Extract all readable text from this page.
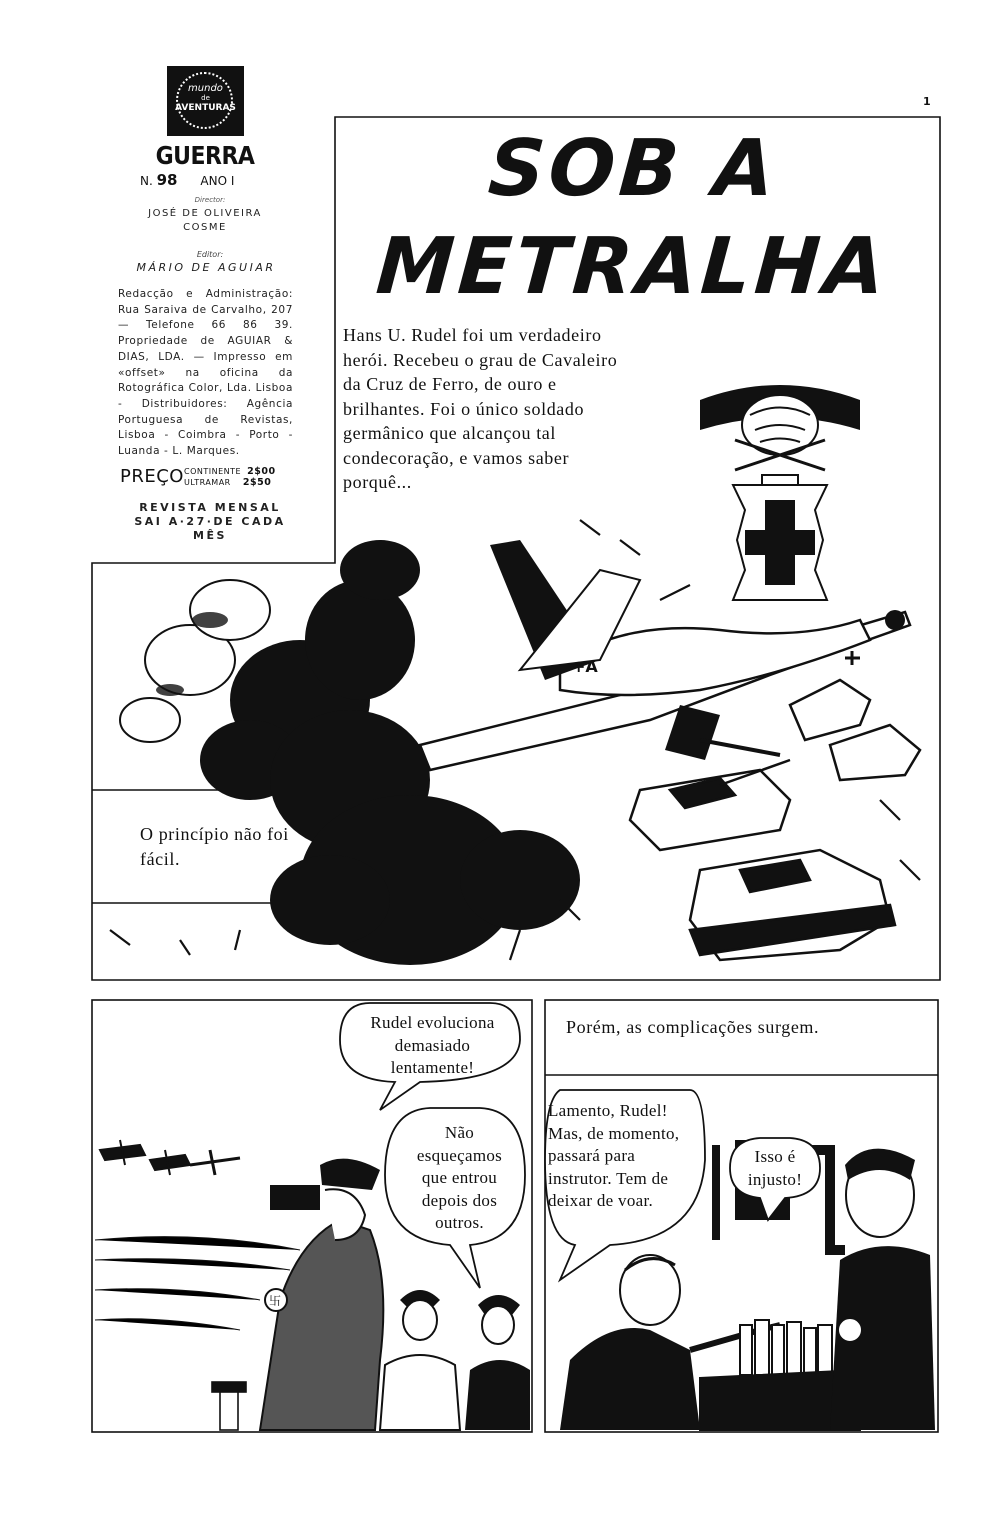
mundo
de
AVENTURAS
GUERRA
N. 98 ANO I
Director:
JOSÉ DE OLIVEIRA
COSME
Editor:
MÁRIO DE AGUIAR
Redacção e Administração: Rua Saraiva de Carvalho, 207 — Telefone 66 86 39. Propriedade de AGUIAR & DIAS, LDA. — Impresso em «offset» na oficina da Rotográfica Color, Lda. Lisboa - Distribuidores: Agência Portuguesa de Revistas, Lisboa - Coimbra - Porto - Luanda - L. Marques.
PREÇO CONTINENTE 2$00
ULTRAMAR 2$50
REVISTA MENSAL
SAI A·27·DE CADA
MÊS
1
+A
卐
SOB A
METRALHA
Hans U. Rudel foi um verdadeiro herói. Recebeu o grau de Cavaleiro da Cruz de Ferro, de ouro e brilhantes. Foi o único soldado germânico que alcançou tal condecoração, e vamos saber porquê...
O princípio não foi fácil.
Porém, as complicações surgem.
Rudel evoluciona demasiado lentamente!
Não esqueçamos que entrou depois dos outros.
Lamento, Rudel! Mas, de momento, passará para instrutor. Tem de deixar de voar.
Isso é injusto!
